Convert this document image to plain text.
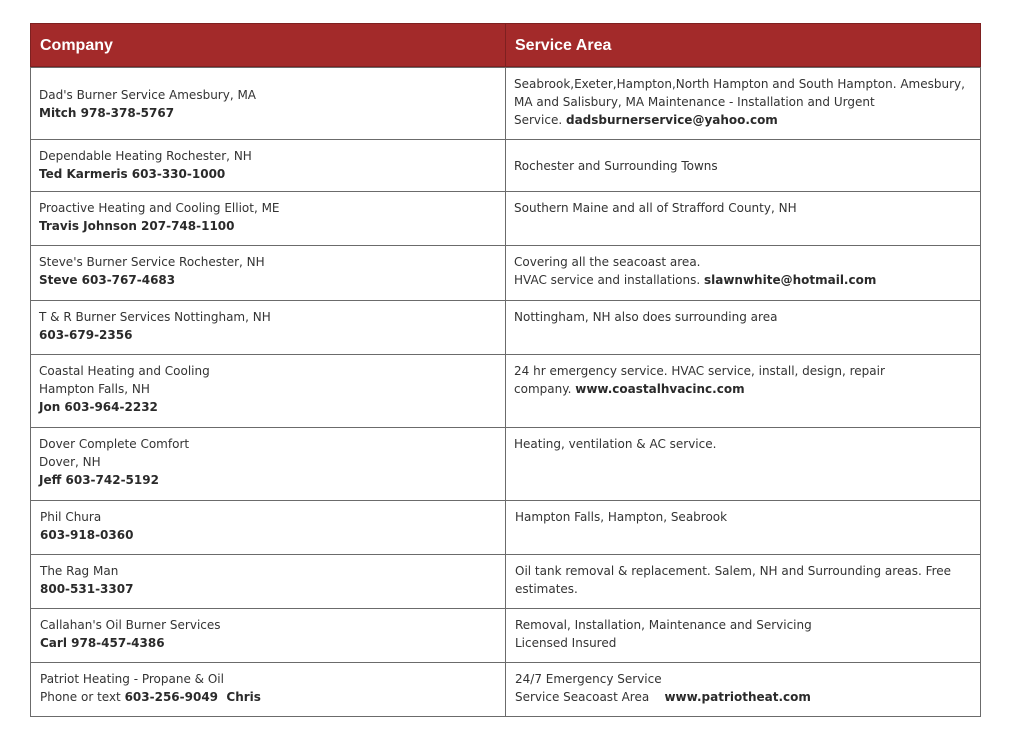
Company	Service Area
Dad's Burner Service Amesbury, MA
Mitch 978-378-5767
Seabrook,Exeter,Hampton,North Hampton and South Hampton. Amesbury,
MA and Salisbury, MA Maintenance - Installation and Urgent
Service. dadsburnerservice@yahoo.com
Dependable Heating Rochester, NH
Ted Karmeris 603-330-1000
Rochester and Surrounding Towns
Proactive Heating and Cooling Elliot, ME
Travis Johnson 207-748-1100
Southern Maine and all of Strafford County, NH
Steve's Burner Service Rochester, NH
Steve 603-767-4683
Covering all the seacoast area.
HVAC service and installations. slawnwhite@hotmail.com
T & R Burner Services Nottingham, NH
603-679-2356
Nottingham, NH also does surrounding area
Coastal Heating and Cooling
Hampton Falls, NH
Jon 603-964-2232
24 hr emergency service. HVAC service, install, design, repair
company. www.coastalhvacinc.com
Dover Complete Comfort
Dover, NH
Jeff 603-742-5192
Heating, ventilation & AC service.
Phil Chura
603-918-0360
Hampton Falls, Hampton, Seabrook
The Rag Man
800-531-3307
Oil tank removal & replacement. Salem, NH and Surrounding areas. Free
estimates.
Callahan's Oil Burner Services
Carl 978-457-4386
Removal, Installation, Maintenance and Servicing
Licensed Insured
Patriot Heating - Propane & Oil
Phone or text 603-256-9049  Chris
24/7 Emergency Service
Service Seacoast Area    www.patriotheat.com
